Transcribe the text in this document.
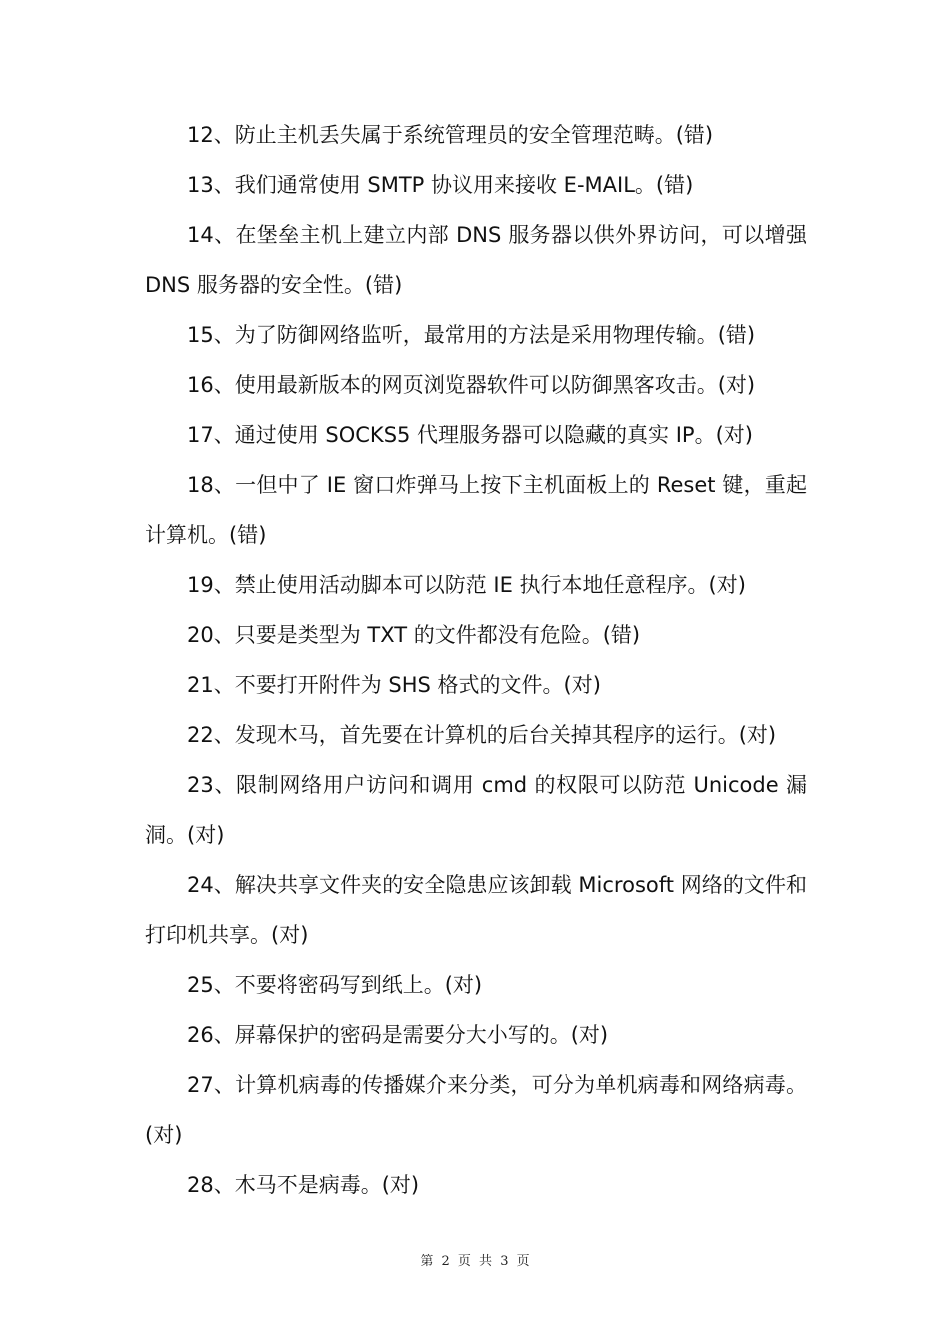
12、防止主机丢失属于系统管理员的安全管理范畴。(错)

13、我们通常使用 SMTP 协议用来接收 E-MAIL。(错)

14、在堡垒主机上建立内部 DNS 服务器以供外界访问，可以增强 DNS 服务器的安全性。(错)

15、为了防御网络监听，最常用的方法是采用物理传输。(错)

16、使用最新版本的网页浏览器软件可以防御黑客攻击。(对)

17、通过使用 SOCKS5 代理服务器可以隐藏的真实 IP。(对)

18、一但中了 IE 窗口炸弹马上按下主机面板上的 Reset 键，重起计算机。(错)

19、禁止使用活动脚本可以防范 IE 执行本地任意程序。(对)

20、只要是类型为 TXT 的文件都没有危险。(错)

21、不要打开附件为 SHS 格式的文件。(对)

22、发现木马，首先要在计算机的后台关掉其程序的运行。(对)

23、限制网络用户访问和调用 cmd 的权限可以防范 Unicode 漏洞。(对)

24、解决共享文件夹的安全隐患应该卸载 Microsoft 网络的文件和打印机共享。(对)

25、不要将密码写到纸上。(对)

26、屏幕保护的密码是需要分大小写的。(对)

27、计算机病毒的传播媒介来分类，可分为单机病毒和网络病毒。(对)

28、木马不是病毒。(对)

第 2 页 共 3 页
